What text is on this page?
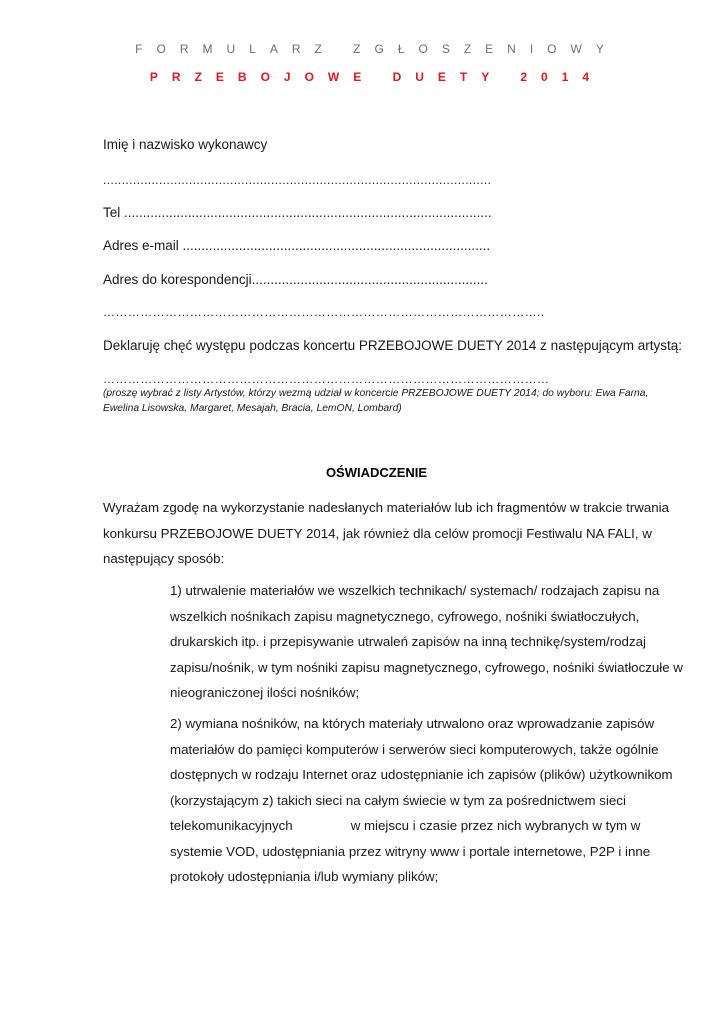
FORMULARZ ZGŁOSZENIOWY
PRZEBOJOWE DUETY 2014
Imię i nazwisko wykonawcy
........................................................................................................
Tel ..................................................................................................
Adres e-mail ..................................................................................
Adres do korespondencji...............................................................
……………………………………………………………………………………………..
Deklaruję chęć występu podczas koncertu PRZEBOJOWE DUETY 2014 z następującym artystą:
………………………………………………………………………………………………
(proszę wybrać z listy Artystów, którzy wezmą udział w koncercie PRZEBOJOWE DUETY 2014; do wyboru: Ewa Farna,
Ewelina Lisowska, Margaret, Mesajah, Bracia, LemON, Lombard)
OŚWIADCZENIE
Wyrażam zgodę na wykorzystanie nadesłanych materiałów lub ich fragmentów w trakcie trwania
konkursu PRZEBOJOWE DUETY 2014, jak również dla celów promocji Festiwalu NA FALI, w
następujący sposób:
1) utrwalenie materiałów we wszelkich technikach/ systemach/ rodzajach zapisu na
wszelkich nośnikach zapisu magnetycznego, cyfrowego, nośniki światłoczułych,
drukarskich itp. i przepisywanie utrwaleń zapisów na inną technikę/system/rodzaj
zapisu/nośnik, w tym nośniki zapisu magnetycznego, cyfrowego, nośniki światłoczułe w
nieograniczonej ilości nośników;
2) wymiana nośników, na których materiały utrwalono oraz wprowadzanie zapisów
materiałów do pamięci komputerów i serwerów sieci komputerowych, także ogólnie
dostępnych w rodzaju Internet oraz udostępnianie ich zapisów (plików) użytkownikom
(korzystającym z) takich sieci na całym świecie w tym za pośrednictwem sieci
telekomunikacyjnych	w miejscu i czasie przez nich wybranych w tym w
systemie VOD, udostępniania przez witryny www i portale internetowe, P2P i inne
protokoły udostępniania i/lub wymiany plików;
